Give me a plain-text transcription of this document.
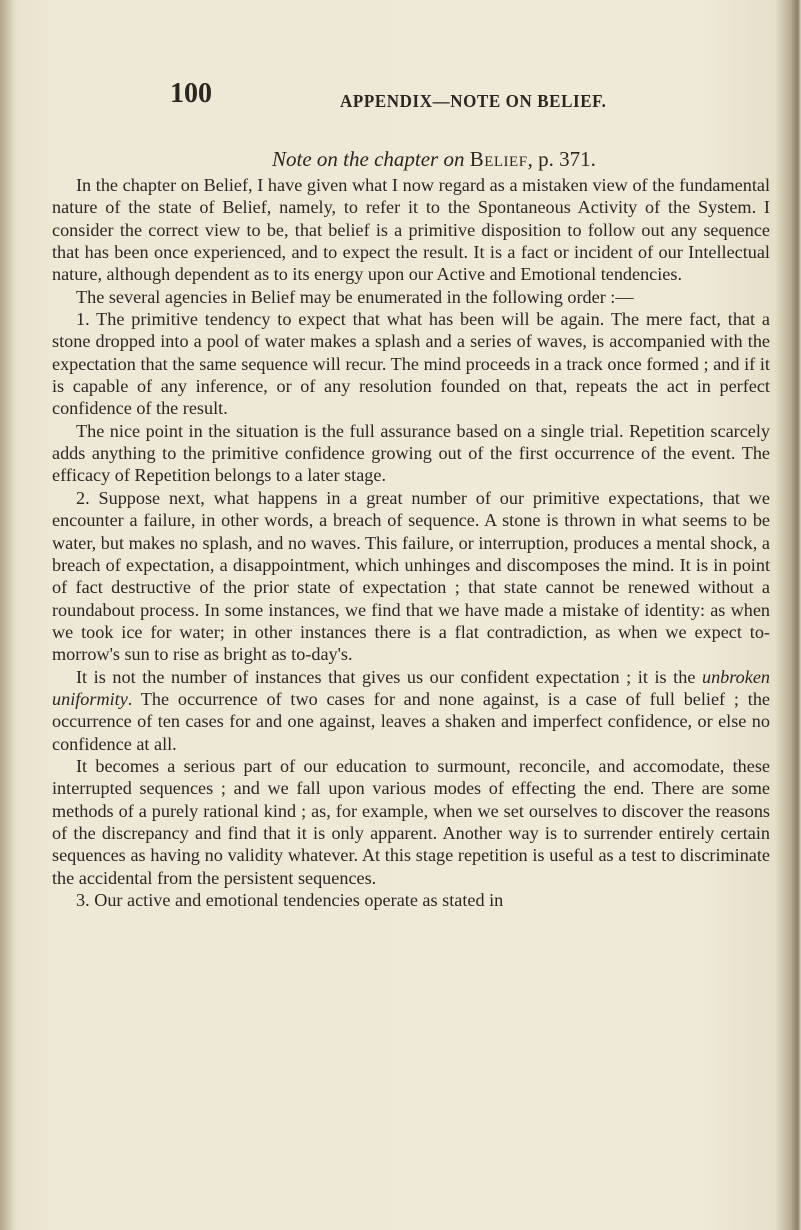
100	APPENDIX—NOTE ON BELIEF.
Note on the chapter on Belief, p. 371.

In the chapter on Belief, I have given what I now regard as a mistaken view of the fundamental nature of the state of Belief, namely, to refer it to the Spontaneous Activity of the System. I consider the correct view to be, that belief is a primitive disposition to follow out any sequence that has been once experienced, and to expect the result. It is a fact or incident of our Intellectual nature, although dependent as to its energy upon our Active and Emotional tendencies.

The several agencies in Belief may be enumerated in the following order :—

1. The primitive tendency to expect that what has been will be again. The mere fact, that a stone dropped into a pool of water makes a splash and a series of waves, is accompanied with the expectation that the same sequence will recur. The mind proceeds in a track once formed ; and if it is capable of any inference, or of any resolution founded on that, repeats the act in perfect confidence of the result.

The nice point in the situation is the full assurance based on a single trial. Repetition scarcely adds anything to the primitive confidence growing out of the first occurrence of the event. The efficacy of Repetition belongs to a later stage.

2. Suppose next, what happens in a great number of our primitive expectations, that we encounter a failure, in other words, a breach of sequence. A stone is thrown in what seems to be water, but makes no splash, and no waves. This failure, or interruption, produces a mental shock, a breach of expectation, a disappointment, which unhinges and discomposes the mind. It is in point of fact destructive of the prior state of expectation ; that state cannot be renewed without a roundabout process. In some instances, we find that we have made a mistake of identity: as when we took ice for water; in other instances there is a flat contradiction, as when we expect to-morrow's sun to rise as bright as to-day's.

It is not the number of instances that gives us our confident expectation ; it is the unbroken uniformity. The occurrence of two cases for and none against, is a case of full belief ; the occurrence of ten cases for and one against, leaves a shaken and imperfect confidence, or else no confidence at all.

It becomes a serious part of our education to surmount, reconcile, and accomodate, these interrupted sequences ; and we fall upon various modes of effecting the end. There are some methods of a purely rational kind ; as, for example, when we set ourselves to discover the reasons of the discrepancy and find that it is only apparent. Another way is to surrender entirely certain sequences as having no validity whatever. At this stage repetition is useful as a test to discriminate the accidental from the persistent sequences.

3. Our active and emotional tendencies operate as stated in
